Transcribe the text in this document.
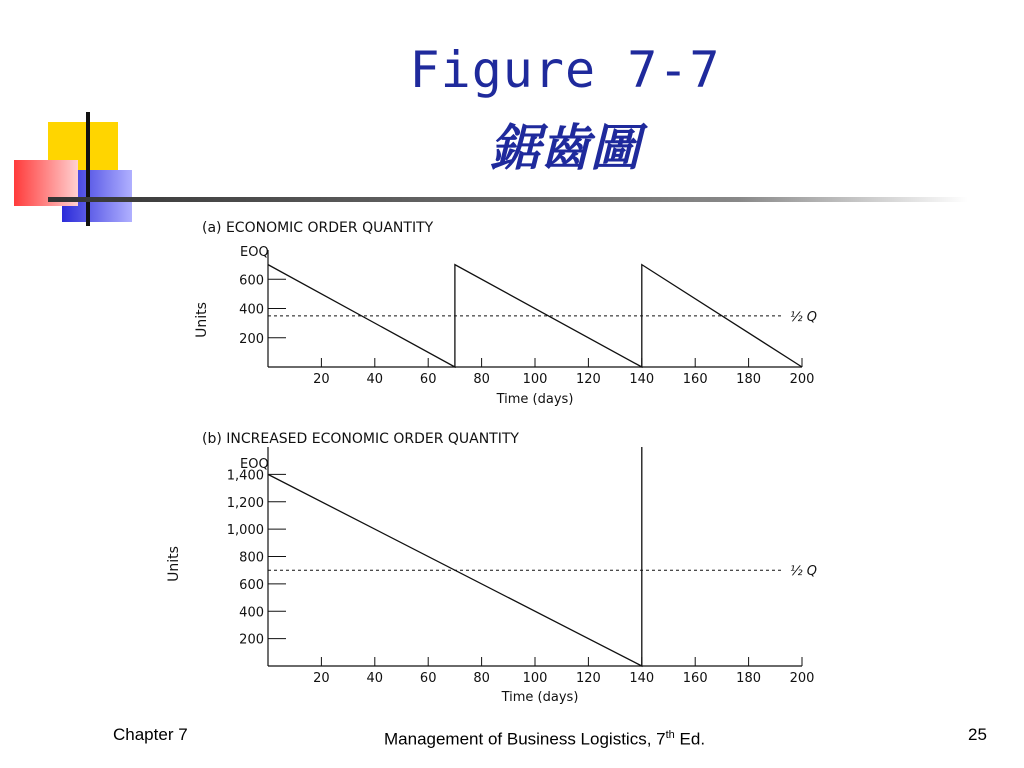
Figure 7-7
鋸齒圖
(a) ECONOMIC ORDER QUANTITY
EOQ
Units
Time (days)
20	40	60	80	100 120 140 160 180 200
200
400
600
½ Q
(b) INCREASED ECONOMIC ORDER QUANTITY
EOQ
Units
Time (days)
20	40	60	80	100 120 140 160 180 200
200
400
600
800
1,000
1,200
1,400
½ Q
Chapter 7	Management of Business Logistics, 7th Ed.	25
